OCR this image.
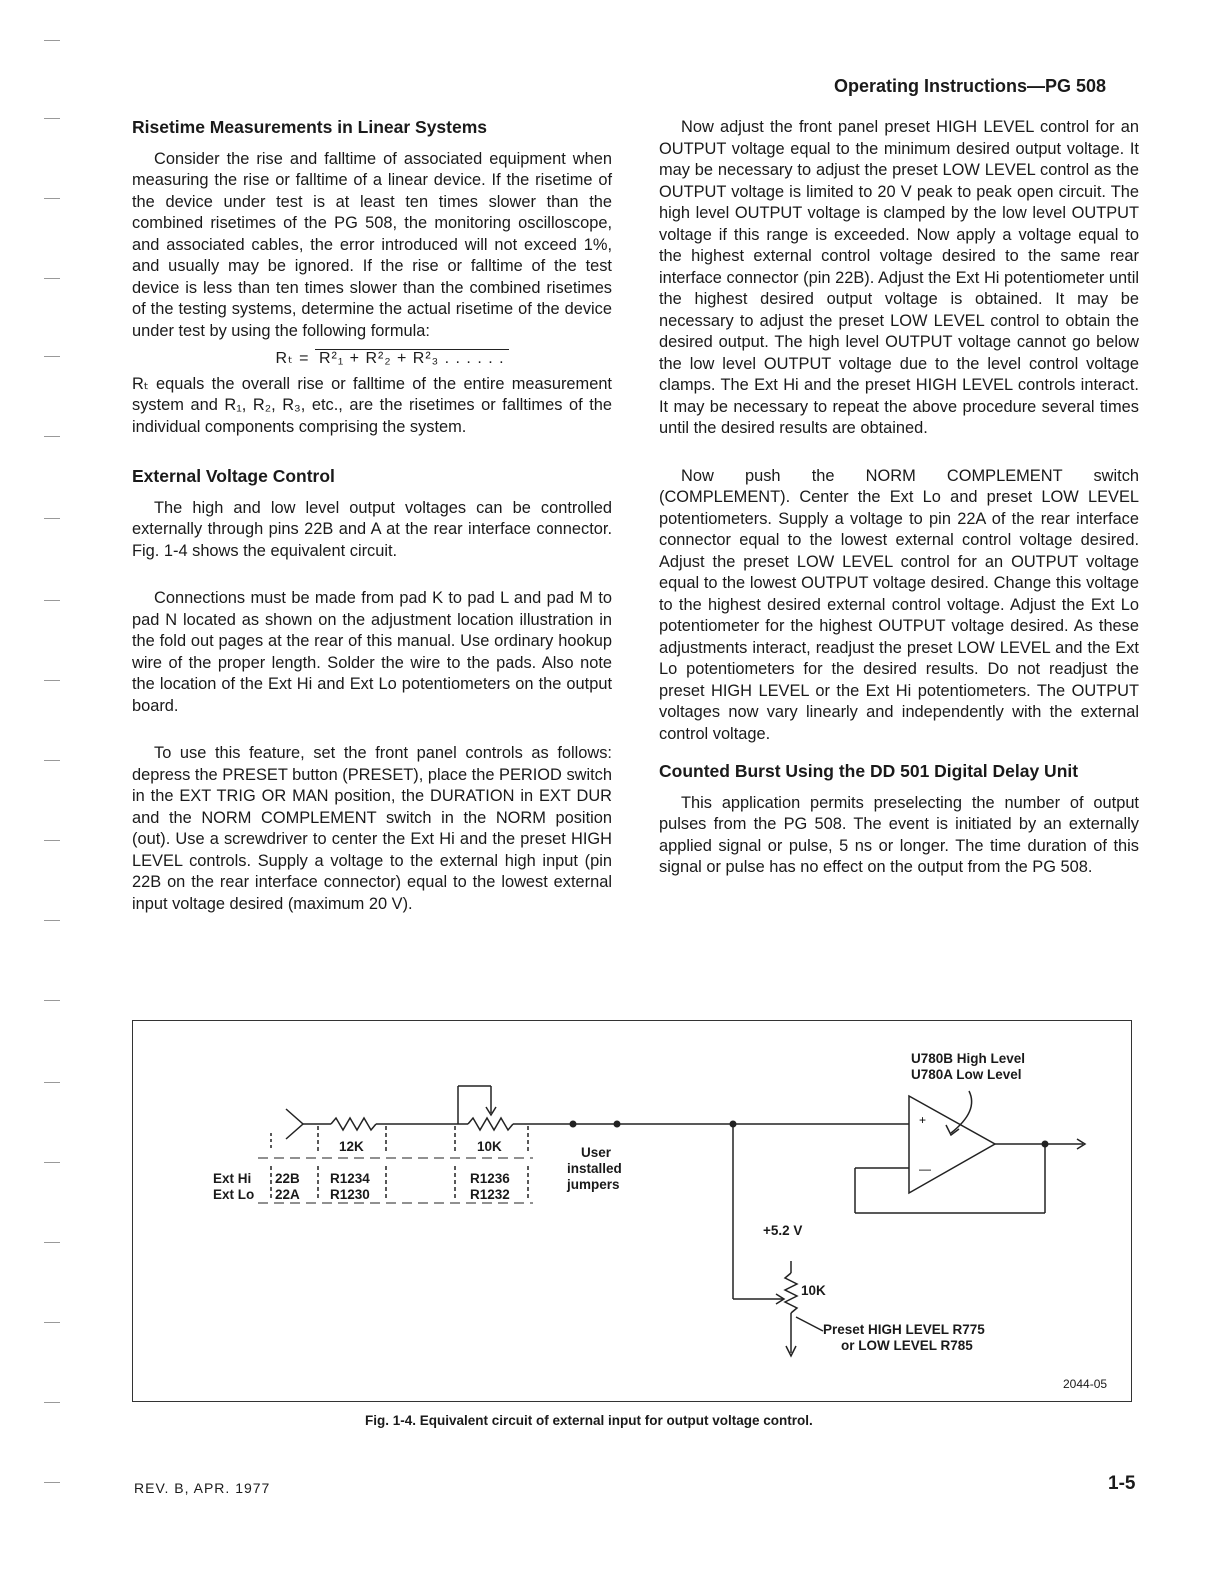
Operating Instructions—PG 508
Risetime Measurements in Linear Systems

Consider the rise and falltime of associated equipment when measuring the rise or falltime of a linear device. If the risetime of the device under test is at least ten times slower than the combined risetimes of the PG 508, the monitoring oscilloscope, and associated cables, the error introduced will not exceed 1%, and usually may be ignored. If the rise or falltime of the test device is less than ten times slower than the combined risetimes of the testing systems, determine the actual risetime of the device under test by using the following formula:

Rₜ = R²₁ + R²₂ + R²₃ . . . . . .

Rₜ equals the overall rise or falltime of the entire measurement system and R₁, R₂, R₃, etc., are the risetimes or falltimes of the individual components comprising the system.

External Voltage Control

The high and low level output voltages can be controlled externally through pins 22B and A at the rear interface connector. Fig. 1-4 shows the equivalent circuit.

Connections must be made from pad K to pad L and pad M to pad N located as shown on the adjustment location illustration in the fold out pages at the rear of this manual. Use ordinary hookup wire of the proper length. Solder the wire to the pads. Also note the location of the Ext Hi and Ext Lo potentiometers on the output board.

To use this feature, set the front panel controls as follows: depress the PRESET button (PRESET), place the PERIOD switch in the EXT TRIG OR MAN position, the DURATION in EXT DUR and the NORM COMPLEMENT switch in the NORM position (out). Use a screwdriver to center the Ext Hi and the preset HIGH LEVEL controls. Supply a voltage to the external high input (pin 22B on the rear interface connector) equal to the lowest external input voltage desired (maximum 20 V).

Now adjust the front panel preset HIGH LEVEL control for an OUTPUT voltage equal to the minimum desired output voltage. It may be necessary to adjust the preset LOW LEVEL control as the OUTPUT voltage is limited to 20 V peak to peak open circuit. The high level OUTPUT voltage is clamped by the low level OUTPUT voltage if this range is exceeded. Now apply a voltage equal to the highest external control voltage desired to the same rear interface connector (pin 22B). Adjust the Ext Hi potentiometer until the highest desired output voltage is obtained. It may be necessary to adjust the preset LOW LEVEL control to obtain the desired output. The high level OUTPUT voltage cannot go below the low level OUTPUT voltage due to the level control voltage clamps. The Ext Hi and the preset HIGH LEVEL controls interact. It may be necessary to repeat the above procedure several times until the desired results are obtained.

Now push the NORM COMPLEMENT switch (COMPLEMENT). Center the Ext Lo and preset LOW LEVEL potentiometers. Supply a voltage to pin 22A of the rear interface connector equal to the lowest external control voltage desired. Adjust the preset LOW LEVEL control for an OUTPUT voltage equal to the lowest OUTPUT voltage desired. Change this voltage to the highest desired external control voltage. Adjust the Ext Lo potentiometer for the highest OUTPUT voltage desired. As these adjustments interact, readjust the preset LOW LEVEL and the Ext Lo potentiometers for the desired results. Do not readjust the preset HIGH LEVEL or the Ext Hi potentiometers. The OUTPUT voltages now vary linearly and independently with the external control voltage.

Counted Burst Using the DD 501 Digital Delay Unit

This application permits preselecting the number of output pulses from the PG 508. The event is initiated by an externally applied signal or pulse, 5 ns or longer. The time duration of this signal or pulse has no effect on the output from the PG 508.

+
—
U780B High Level
U780A Low Level
12K	10K
Ext Hi
Ext Lo
22B
22A
R1234
R1230
R1236
R1232
User
installed
jumpers
+5.2 V
10K
Preset HIGH LEVEL R775
or LOW LEVEL R785
2044-05
Fig. 1-4. Equivalent circuit of external input for output voltage control.
REV. B, APR. 1977	1-5
